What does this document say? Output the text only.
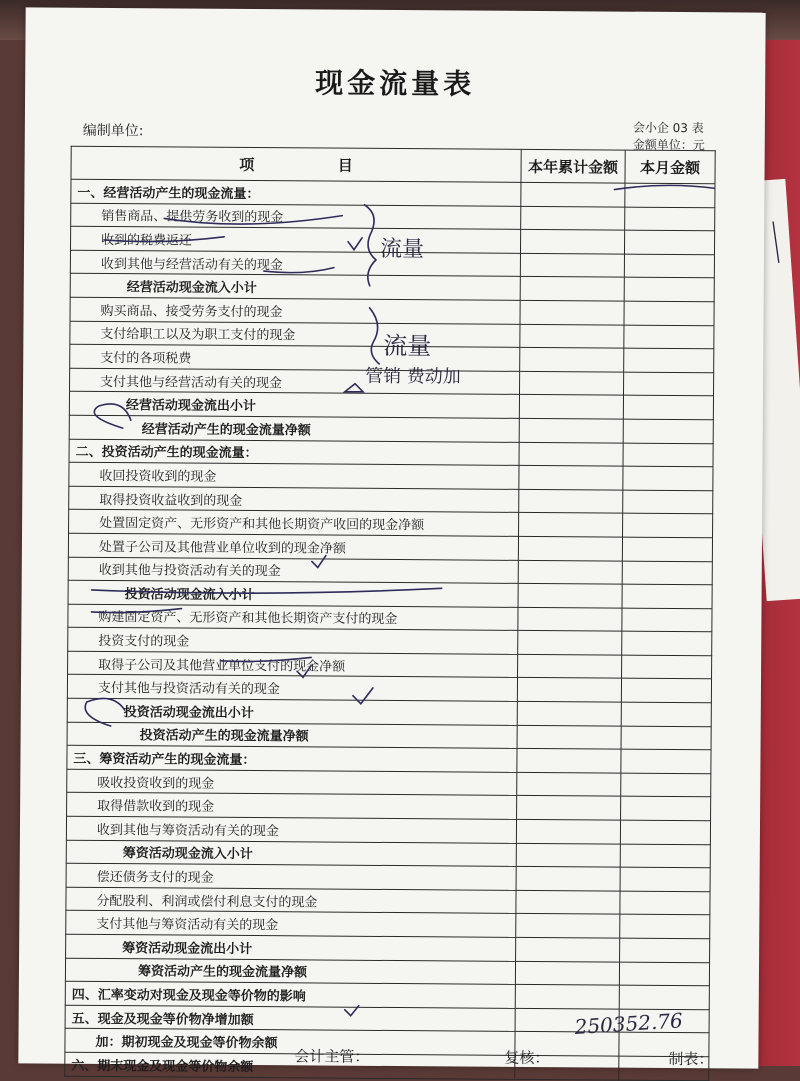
现金流量表
编制单位:	会小企 03 表
金额单位：元
项 目	本年累计金额	本月金额
一、经营活动产生的现金流量：		
销售商品、提供劳务收到的现金		
收到的税费返还		
收到其他与经营活动有关的现金		
经营活动现金流入小计		
购买商品、接受劳务支付的现金		
支付给职工以及为职工支付的现金		
支付的各项税费		
支付其他与经营活动有关的现金		
经营活动现金流出小计		
经营活动产生的现金流量净额		
二、投资活动产生的现金流量：		
收回投资收到的现金		
取得投资收益收到的现金		
处置固定资产、无形资产和其他长期资产收回的现金净额		
处置子公司及其他营业单位收到的现金净额		
收到其他与投资活动有关的现金		
投资活动现金流入小计		
购建固定资产、无形资产和其他长期资产支付的现金		
投资支付的现金		
取得子公司及其他营业单位支付的现金净额		
支付其他与投资活动有关的现金		
投资活动现金流出小计		
投资活动产生的现金流量净额		
三、筹资活动产生的现金流量：		
吸收投资收到的现金		
取得借款收到的现金		
收到其他与筹资活动有关的现金		
筹资活动现金流入小计		
偿还债务支付的现金		
分配股利、利润或偿付利息支付的现金		
支付其他与筹资活动有关的现金		
筹资活动现金流出小计		
筹资活动产生的现金流量净额		
四、汇率变动对现金及现金等价物的影响		
五、现金及现金等价物净增加额		
加：期初现金及现金等价物余额		
六、期末现金及现金等价物余额		
流量
流量
管销 费动加
250352.76
会计主管：	复核：	制表：
⸺
